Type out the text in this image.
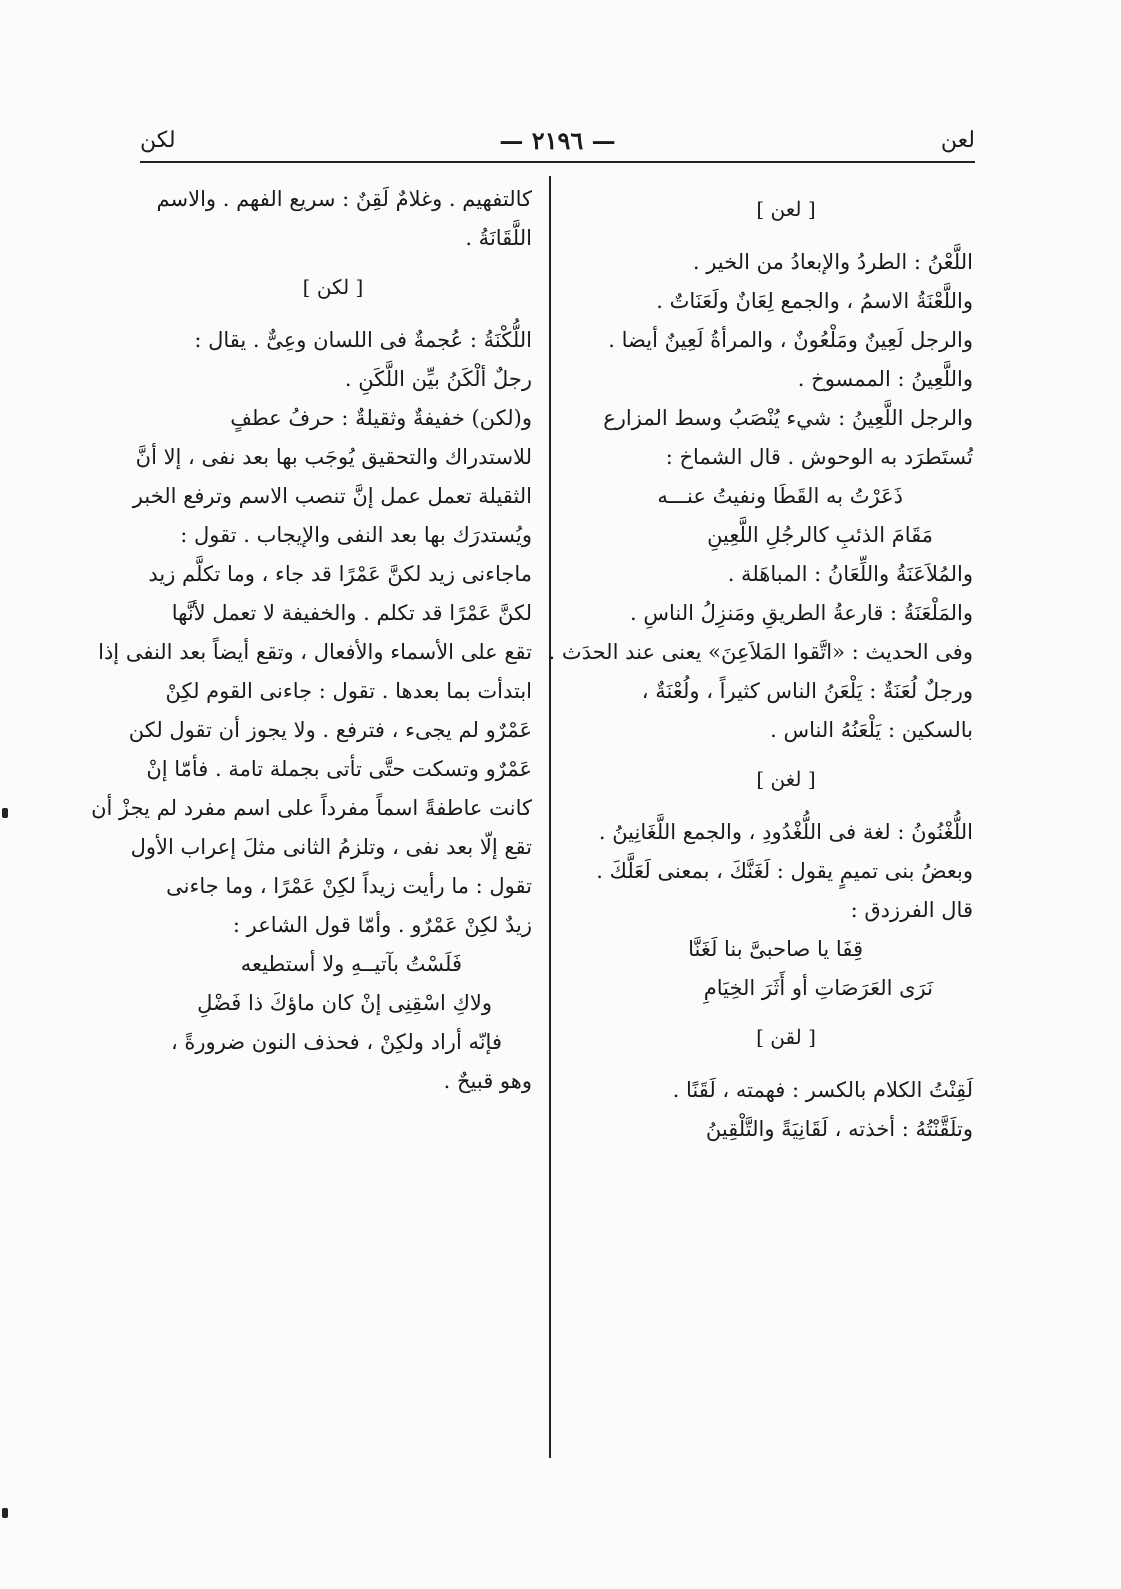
لعن
— ٢١٩٦ —
لكن
[ لعن ]
اللَّعْنُ : الطردُ والإبعادُ من الخير .
واللَّعْنَةُ الاسمُ ، والجمع لِعَانٌ ولَعَنَاتٌ .
والرجل لَعِينٌ ومَلْعُونٌ ، والمرأةُ لَعِينٌ أيضا .
واللَّعِينُ : الممسوخ .
والرجل اللَّعِينُ : شيء يُنْصَبُ وسط المزارع
تُستَطرَد به الوحوش . قال الشماخ :
ذَعَرْتُ به القَطَا ونفيتُ عنـــه
مَقَامَ الذئبِ كالرجُلِ اللَّعِينِ
والمُلاَعَنَةُ واللِّعَانُ : المباهَلة .
والمَلْعَنَةُ : قارعةُ الطريقِ ومَنزِلُ الناسِ .
وفى الحديث : «اتَّقوا المَلاَعِنَ» يعنى عند الحدَث .
ورجلٌ لُعَنَةٌ : يَلْعَنُ الناس كثيراً ، ولُعْنَةٌ ،
بالسكين : يَلْعَنُهُ الناس .
[ لغن ]
اللُّغْنُونُ : لغة فى اللُّغْدُودِ ، والجمع اللَّغَانِينُ .
وبعضُ بنى تميمٍ يقول : لَغَنَّكَ ، بمعنى لَعَلَّكَ .
قال الفرزدق :
قِفَا يا صاحبىَّ بنا لَغَنَّا
نَرَى العَرَصَاتِ أو أَثَرَ الخِيَامِ
[ لقن ]
لَقِنْتُ الكلام بالكسر : فهمته ، لَقَنًا .
وتلَقَّنْتُهُ : أخذته ، لَقَانِيَةً والتَّلْقِينُ
كالتفهيم . وغلامٌ لَقِنٌ : سريع الفهم . والاسم
اللَّقَانَةُ .
[ لكن ]
اللُّكْنَةُ : عُجمةٌ فى اللسان وعِىٌّ . يقال :
رجلٌ ألْكَنُ بيِّن اللَّكَنِ .
و(لكن) خفيفةٌ وثقيلةٌ : حرفُ عطفٍ
للاستدراك والتحقيق يُوجَب بها بعد نفى ، إلا أنَّ
الثقيلة تعمل عمل إنَّ تنصب الاسم وترفع الخبر
ويُستدرَك بها بعد النفى والإيجاب . تقول :
ماجاءنى زيد لكنَّ عَمْرًا قد جاء ، وما تكلَّم زيد
لكنَّ عَمْرًا قد تكلم . والخفيفة لا تعمل لأنَّها
تقع على الأسماء والأفعال ، وتقع أيضاً بعد النفى إذا
ابتدأت بما بعدها . تقول : جاءنى القوم لكِنْ
عَمْرٌو لم يجىء ، فترفع . ولا يجوز أن تقول لكن
عَمْرٌو وتسكت حتَّى تأتى بجملة تامة . فأمّا إنْ
كانت عاطفةً اسماً مفرداً على اسم مفرد لم يجزْ أن
تقع إلّا بعد نفى ، وتلزمُ الثانى مثلَ إعراب الأول
تقول : ما رأيت زيداً لكِنْ عَمْرًا ، وما جاءنى
زيدٌ لكِنْ عَمْرٌو . وأمّا قول الشاعر :
فَلَسْتُ بآتيــهِ ولا أستطيعه
ولاكِ اسْقِنِى إنْ كان ماؤكَ ذا فَضْلِ
فإنّه أراد ولكِنْ ، فحذف النون ضرورةً ،
وهو قبيحٌ .
